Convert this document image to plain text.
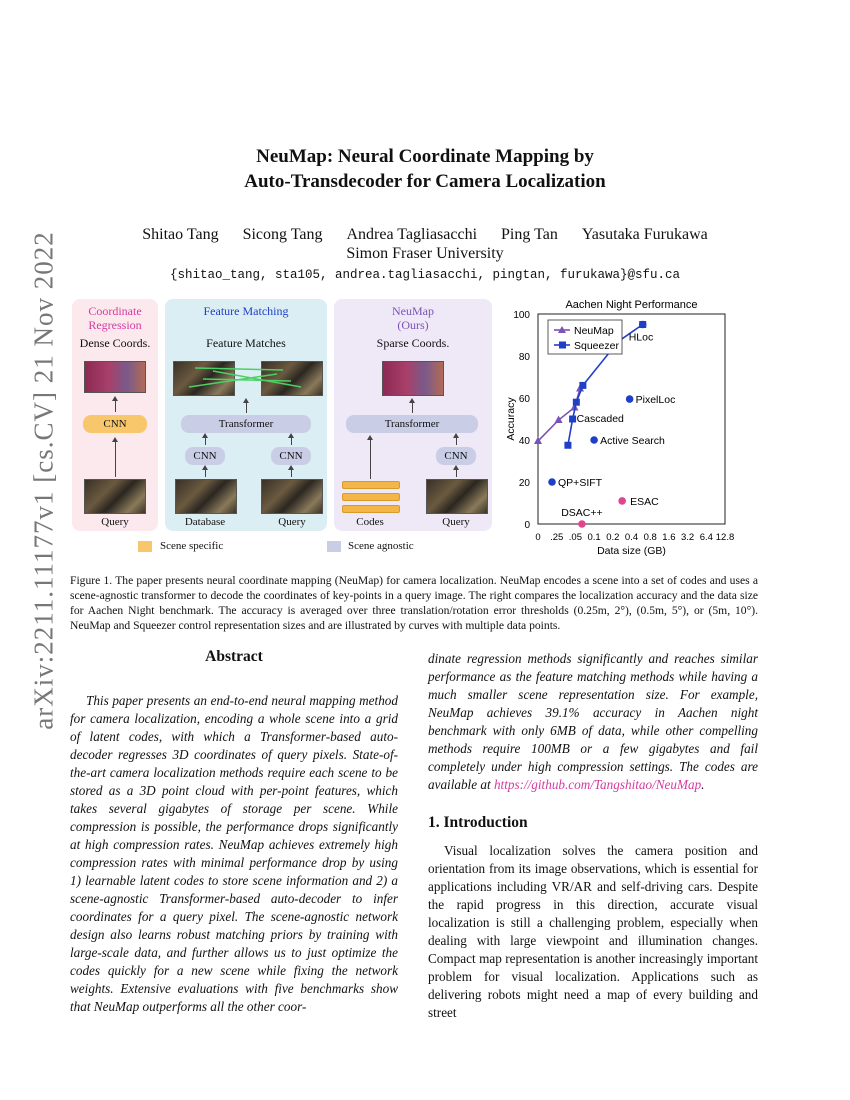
arXiv:2211.11177v1 [cs.CV] 21 Nov 2022
NeuMap: Neural Coordinate Mapping by
Auto-Transdecoder for Camera Localization
Shitao Tang Sicong Tang Andrea Tagliasacchi Ping Tan Yasutaka Furukawa
Simon Fraser University
{shitao_tang, sta105, andrea.tagliasacchi, pingtan, furukawa}@sfu.ca
Coordinate Regression
Dense Coords.
CNN
Query
Feature Matching
Feature Matches
Transformer
CNN	CNN
Database	Query
NeuMap
(Ours)
Sparse Coords.
Transformer
CNN
Codes	Query
Scene specific	Scene agnostic
Aachen Night Performance
0
20
40
60
80
100
0 .25 .05 0.1 0.2 0.4 0.8 1.6 3.2 6.4 12.8
Data size (GB)
Accuracy
HLoc
PixelLoc
Active Search
Cascaded
QP+SIFT
ESAC
DSAC++
NeuMap
Squeezer
Figure 1. The paper presents neural coordinate mapping (NeuMap) for camera localization. NeuMap encodes a scene into a set of codes and uses a scene-agnostic transformer to decode the coordinates of key-points in a query image. The right compares the localization accuracy and the data size for Aachen Night benchmark. The accuracy is averaged over three translation/rotation error thresholds (0.25m, 2°), (0.5m, 5°), or (5m, 10°). NeuMap and Squeezer control representation sizes and are illustrated by curves with multiple data points.
Abstract
This paper presents an end-to-end neural mapping method for camera localization, encoding a whole scene into a grid of latent codes, with which a Transformer-based auto-decoder regresses 3D coordinates of query pixels. State-of-the-art camera localization methods require each scene to be stored as a 3D point cloud with per-point features, which takes several gigabytes of storage per scene. While compression is possible, the performance drops significantly at high compression rates. NeuMap achieves extremely high compression rates with minimal performance drop by using 1) learnable latent codes to store scene information and 2) a scene-agnostic Transformer-based auto-decoder to infer coordinates for a query pixel. The scene-agnostic network design also learns robust matching priors by training with large-scale data, and further allows us to just optimize the codes quickly for a new scene while fixing the network weights. Extensive evaluations with five benchmarks show that NeuMap outperforms all the other coor-
dinate regression methods significantly and reaches similar performance as the feature matching methods while having a much smaller scene representation size. For example, NeuMap achieves 39.1% accuracy in Aachen night benchmark with only 6MB of data, while other compelling methods require 100MB or a few gigabytes and fail completely under high compression settings. The codes are available at https://github.com/Tangshitao/NeuMap.
1. Introduction
Visual localization solves the camera position and orientation from its image observations, which is essential for applications including VR/AR and self-driving cars. Despite the rapid progress in this direction, accurate visual localization is still a challenging problem, especially when dealing with large viewpoint and illumination changes. Compact map representation is another increasingly important problem for visual localization. Applications such as delivering robots might need a map of every building and street
